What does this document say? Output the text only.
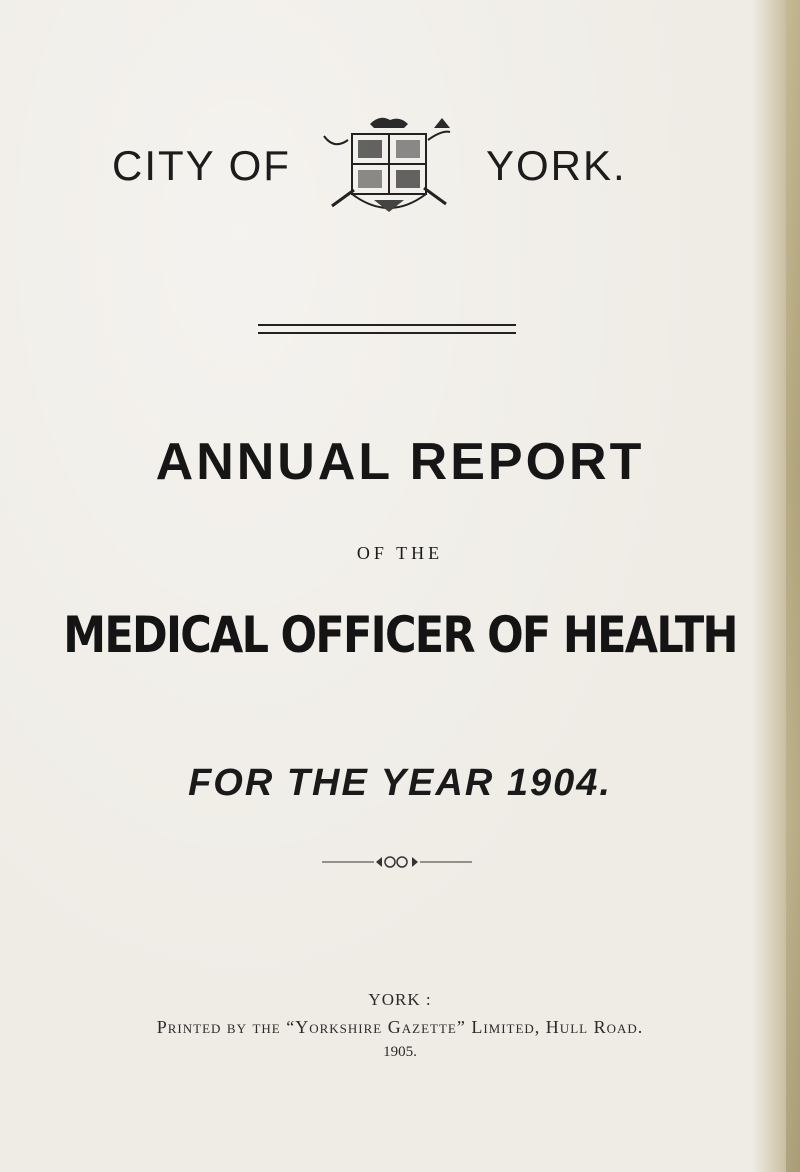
CITY OF	YORK.
ANNUAL REPORT
OF THE
MEDICAL OFFICER OF HEALTH
FOR THE YEAR 1904.
YORK :
Printed by the “Yorkshire Gazette” Limited, Hull Road.
1905.
